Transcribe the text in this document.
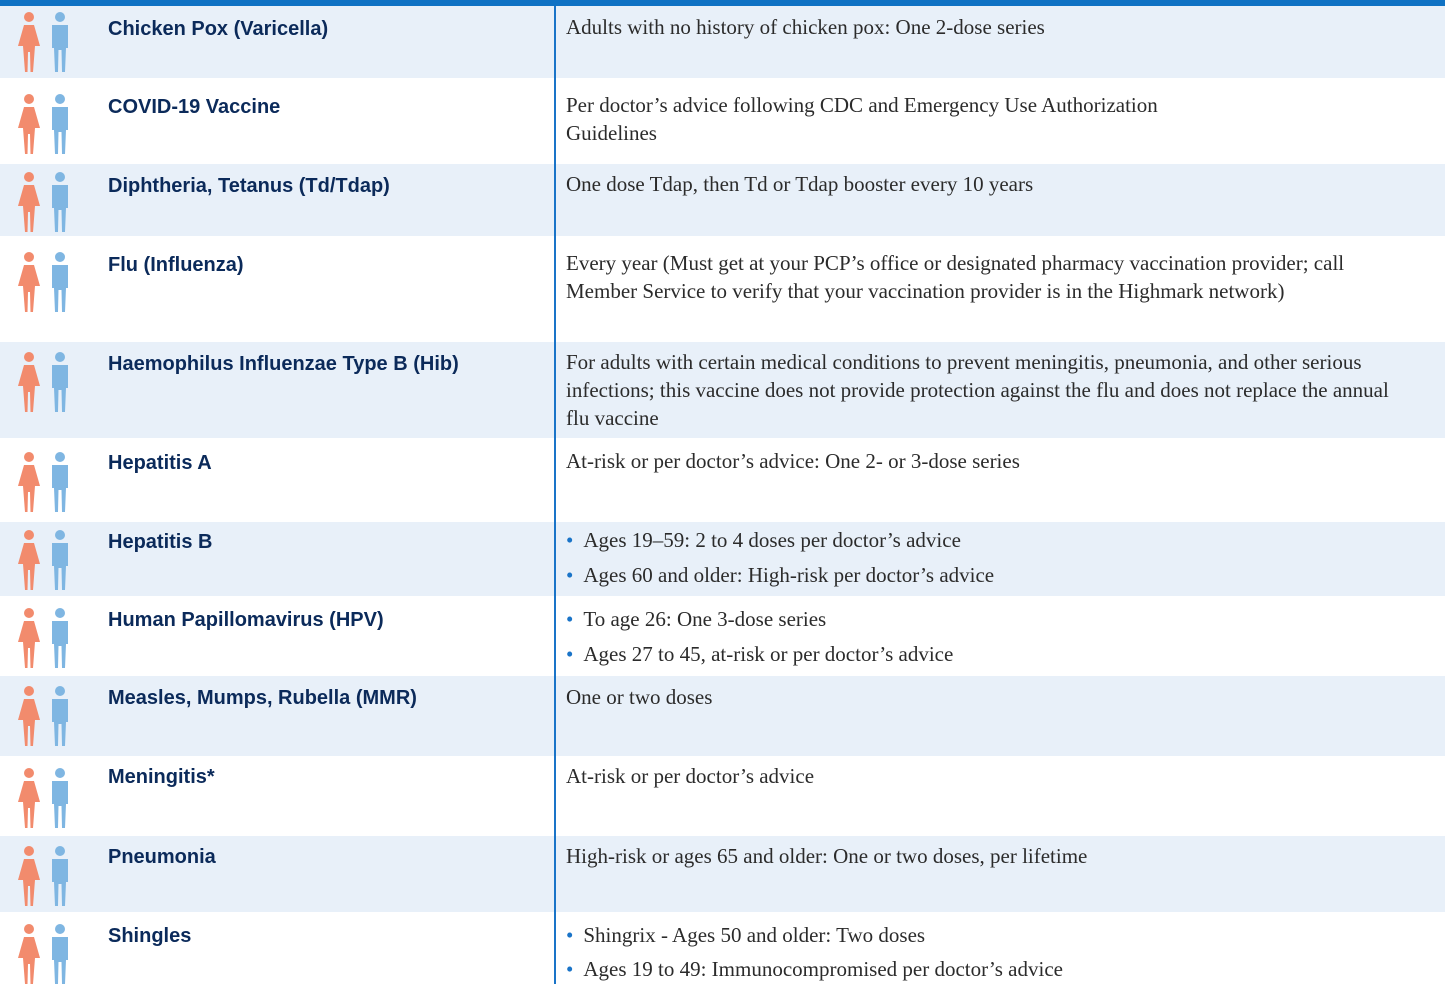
Chicken Pox (Varicella)	Adults with no history of chicken pox: One 2-dose series
COVID-19 Vaccine	Per doctor’s advice following CDC and Emergency Use Authorization Guidelines
Diphtheria, Tetanus (Td/Tdap)	One dose Tdap, then Td or Tdap booster every 10 years
Flu (Influenza)	Every year (Must get at your PCP’s office or designated pharmacy vaccination provider; call Member Service to verify that your vaccination provider is in the Highmark network)
Haemophilus Influenzae Type B (Hib)	For adults with certain medical conditions to prevent meningitis, pneumonia, and other serious infections; this vaccine does not provide protection against the flu and does not replace the annual flu vaccine
Hepatitis A	At-risk or per doctor’s advice: One 2- or 3-dose series
Hepatitis B	• Ages 19–59: 2 to 4 doses per doctor’s advice
• Ages 60 and older: High-risk per doctor’s advice
Human Papillomavirus (HPV)	• To age 26: One 3-dose series
• Ages 27 to 45, at-risk or per doctor’s advice
Measles, Mumps, Rubella (MMR)	One or two doses
Meningitis*	At-risk or per doctor’s advice
Pneumonia	High-risk or ages 65 and older: One or two doses, per lifetime
Shingles	• Shingrix - Ages 50 and older: Two doses
• Ages 19 to 49: Immunocompromised per doctor’s advice
